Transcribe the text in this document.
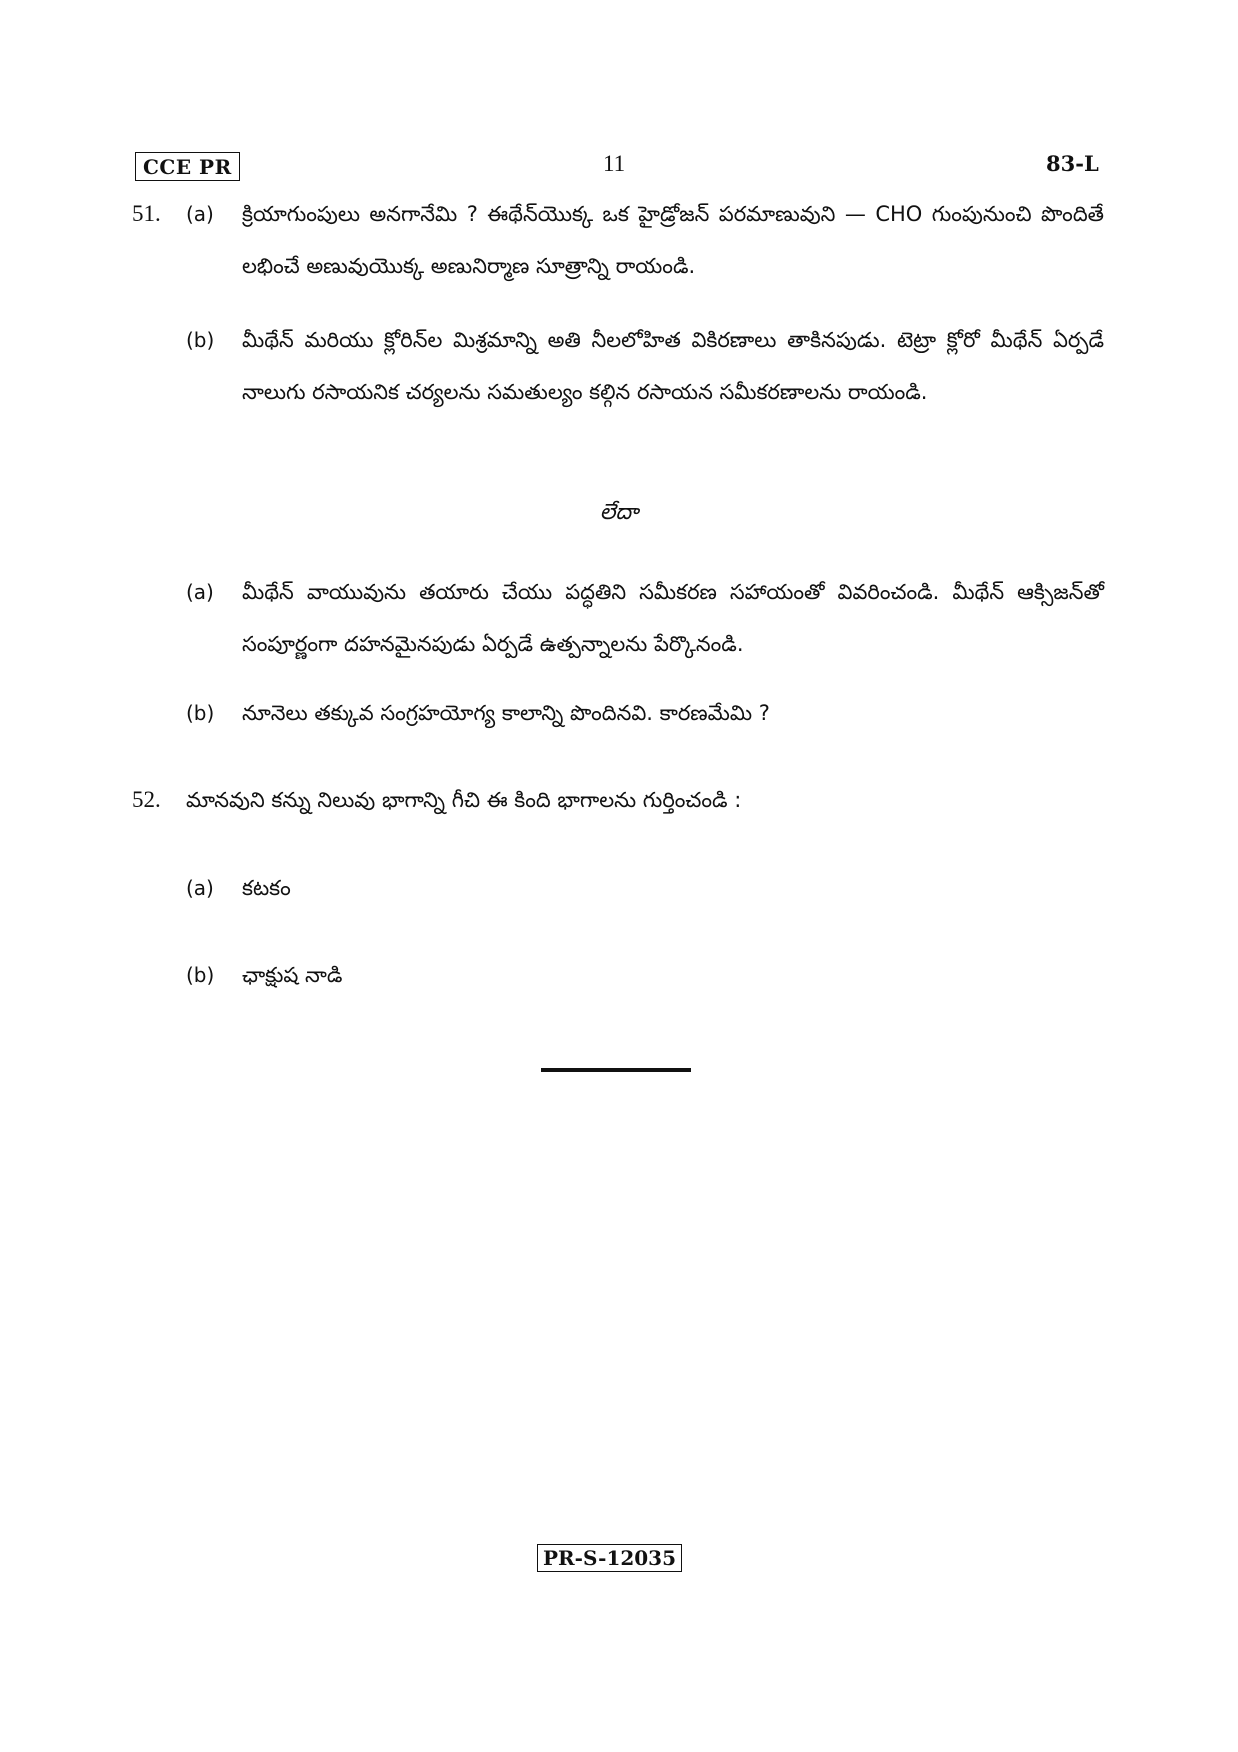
CCE PR	11	83-L
51. (a) క్రియాగుంపులు అనగానేమి ? ఈథేన్‌యొక్క ఒక హైడ్రోజన్ పరమాణువుని — CHO గుంపునుంచి పొందితే లభించే అణువుయొక్క అణునిర్మాణ సూత్రాన్ని రాయండి.
(b) మీథేన్ మరియు క్లోరిన్‌ల మిశ్రమాన్ని అతి నీలలోహిత వికిరణాలు తాకినపుడు. టెట్రా క్లోరో మీథేన్ ఏర్పడే నాలుగు రసాయనిక చర్యలను సమతుల్యం కల్గిన రసాయన సమీకరణాలను రాయండి.
లేదా
(a) మీథేన్ వాయువును తయారు చేయు పద్ధతిని సమీకరణ సహాయంతో వివరించండి. మీథేన్ ఆక్సిజన్‌తో సంపూర్ణంగా దహనమైనపుడు ఏర్పడే ఉత్పన్నాలను పేర్కొనండి.
(b) నూనెలు తక్కువ సంగ్రహయోగ్య కాలాన్ని పొందినవి. కారణమేమి ?
52. మానవుని కన్ను నిలువు భాగాన్ని గీచి ఈ కింది భాగాలను గుర్తించండి :
(a) కటకం
(b) ఛాక్షుష నాడి
PR-S-12035
